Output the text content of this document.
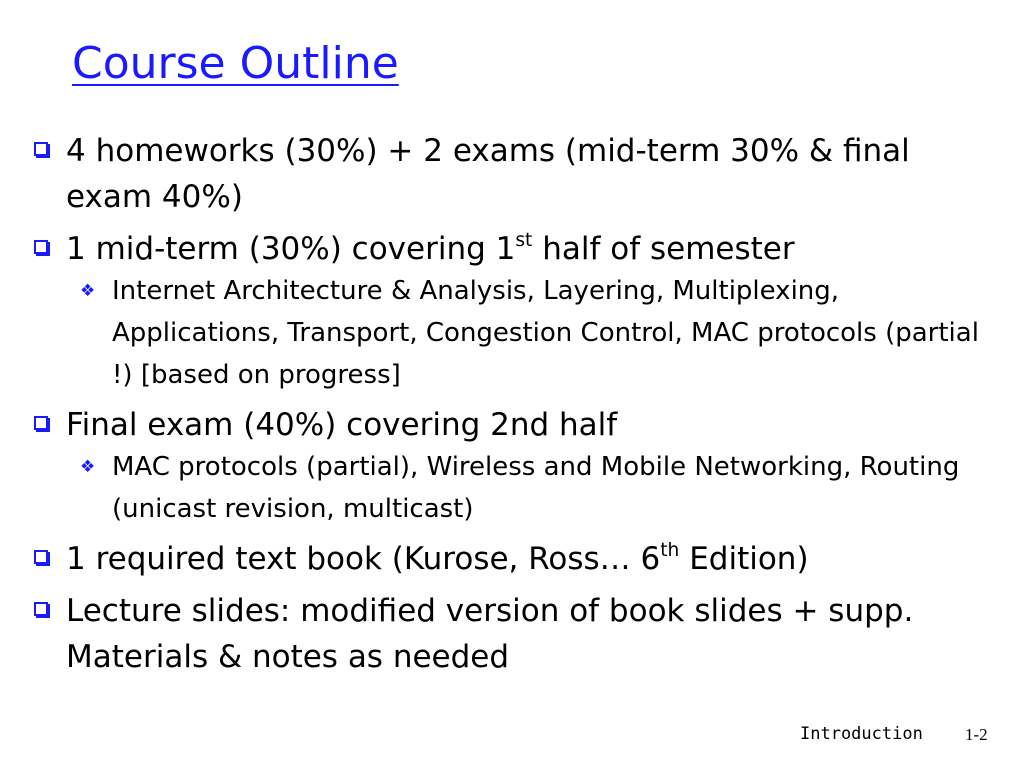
Course Outline

4 homeworks (30%) + 2 exams (mid-term 30% & final exam 40%)

1 mid-term (30%) covering 1st half of semester

❖ Internet Architecture & Analysis, Layering, Multiplexing, Applications, Transport, Congestion Control, MAC protocols (partial !) [based on progress]

Final exam (40%) covering 2nd half

❖ MAC protocols (partial), Wireless and Mobile Networking, Routing (unicast revision, multicast)

1 required text book (Kurose, Ross… 6th Edition)

Lecture slides: modified version of book slides + supp. Materials & notes as needed

Introduction 1-2
